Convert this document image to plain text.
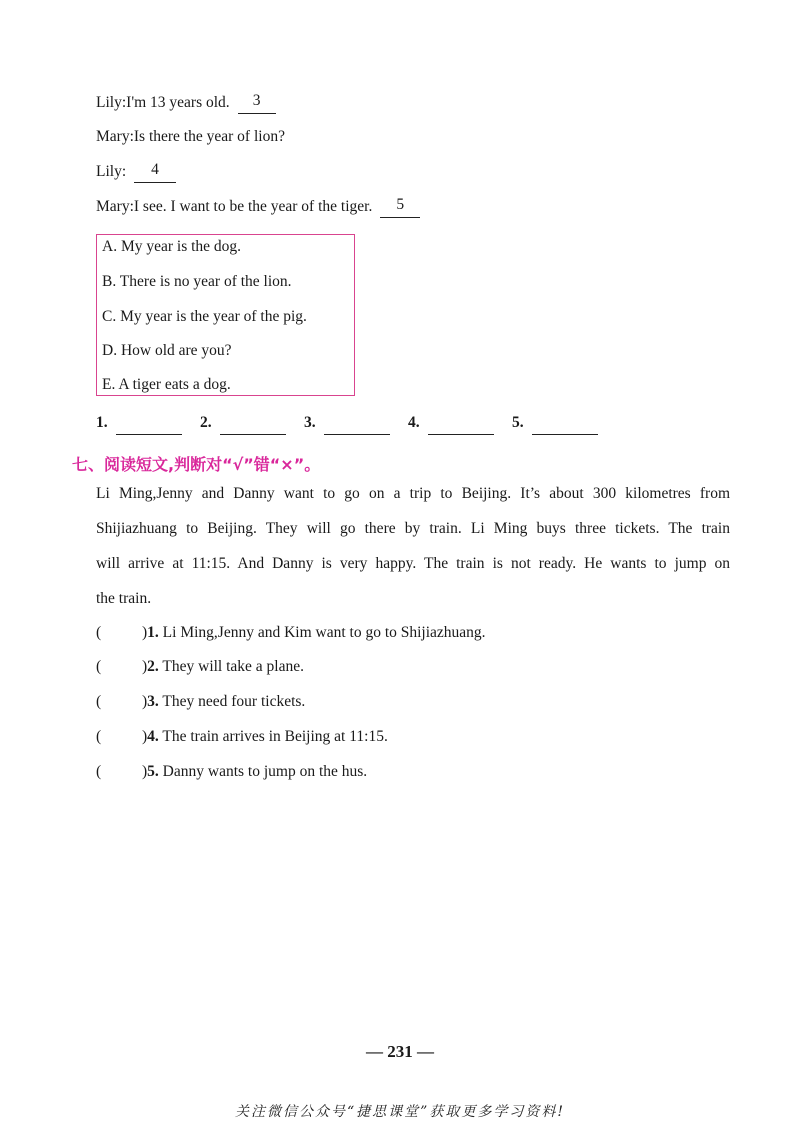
Lily:I'm 13 years old. 3
Mary:Is there the year of lion?
Lily: 4
Mary:I see. I want to be the year of the tiger. 5
A. My year is the dog.
B. There is no year of the lion.
C. My year is the year of the pig.
D. How old are you?
E. A tiger eats a dog.
1.	2.	3.	4.	5.
七、阅读短文,判断对“√”错“×”。
Li Ming,Jenny and Danny want to go on a trip to Beijing. It’s about 300 kilometres from
Shijiazhuang to Beijing. They will go there by train. Li Ming buys three tickets. The train
will arrive at 11:15. And Danny is very happy. The train is not ready. He wants to jump on
the train.
(	)1. Li Ming,Jenny and Kim want to go to Shijiazhuang.
(	)2. They will take a plane.
(	)3. They need four tickets.
(	)4. The train arrives in Beijing at 11:15.
(	)5. Danny wants to jump on the hus.
— 231 —
关注微信公众号“捷思课堂”获取更多学习资料!
